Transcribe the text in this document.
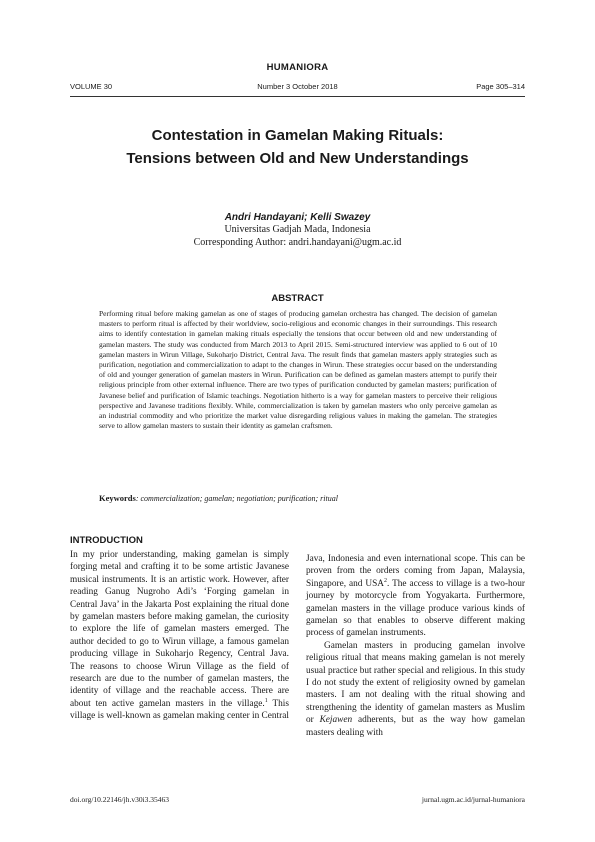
HUMANIORA
VOLUME 30	Number 3 October 2018	Page 305–314
Contestation in Gamelan Making Rituals:
Tensions between Old and New Understandings
Andri Handayani; Kelli Swazey
Universitas Gadjah Mada, Indonesia
Corresponding Author: andri.handayani@ugm.ac.id
ABSTRACT
Performing ritual before making gamelan as one of stages of producing gamelan orchestra has changed. The decision of gamelan masters to perform ritual is affected by their worldview, socio-religious and economic changes in their surroundings. This research aims to identify contestation in gamelan making rituals especially the tensions that occur between old and new understanding of gamelan masters. The study was conducted from March 2013 to April 2015. Semi-structured interview was applied to 6 out of 10 gamelan masters in Wirun Village, Sukoharjo District, Central Java. The result finds that gamelan masters apply strategies such as purification, negotiation and commercialization to adapt to the changes in Wirun. These strategies occur based on the understanding of old and younger generation of gamelan masters in Wirun. Purification can be defined as gamelan masters attempt to purify their religious principle from other external influence. There are two types of purification conducted by gamelan masters; purification of Javanese belief and purification of Islamic teachings. Negotiation hitherto is a way for gamelan masters to perceive their religious perspective and Javanese traditions flexibly. While, commercialization is taken by gamelan masters who only perceive gamelan as an industrial commodity and who prioritize the market value disregarding religious values in making the gamelan. The strategies serve to allow gamelan masters to sustain their identity as gamelan craftsmen.
Keywords: commercialization; gamelan; negotiation; purification; ritual
INTRODUCTION

In my prior understanding, making gamelan is simply forging metal and crafting it to be some artistic Javanese musical instruments. It is an artistic work. However, after reading Ganug Nugroho Adi’s ‘Forging gamelan in Central Java’ in the Jakarta Post explaining the ritual done by gamelan masters before making gamelan, the curiosity to explore the life of gamelan masters emerged. The author decided to go to Wirun village, a famous gamelan producing village in Sukoharjo Regency, Central Java. The reasons to choose Wirun Village as the field of research are due to the number of gamelan masters, the identity of village and the reachable access. There are about ten active gamelan masters in the village.$^1$ This village is well-known as gamelan making center in Central

Java, Indonesia and even international scope. This can be proven from the orders coming from Japan, Malaysia, Singapore, and USA$^2$. The access to village is a two-hour journey by motorcycle from Yogyakarta. Furthermore, gamelan masters in the village produce various kinds of gamelan so that enables to observe different making process of gamelan instruments.

Gamelan masters in producing gamelan involve religious ritual that means making gamelan is not merely usual practice but rather special and religious. In this study I do not study the extent of religiosity owned by gamelan masters. I am not dealing with the ritual showing and strengthening the identity of gamelan masters as Muslim or Kejawen adherents, but as the way how gamelan masters dealing with

doi.org/10.22146/jh.v30i3.35463	jurnal.ugm.ac.id/jurnal-humaniora
